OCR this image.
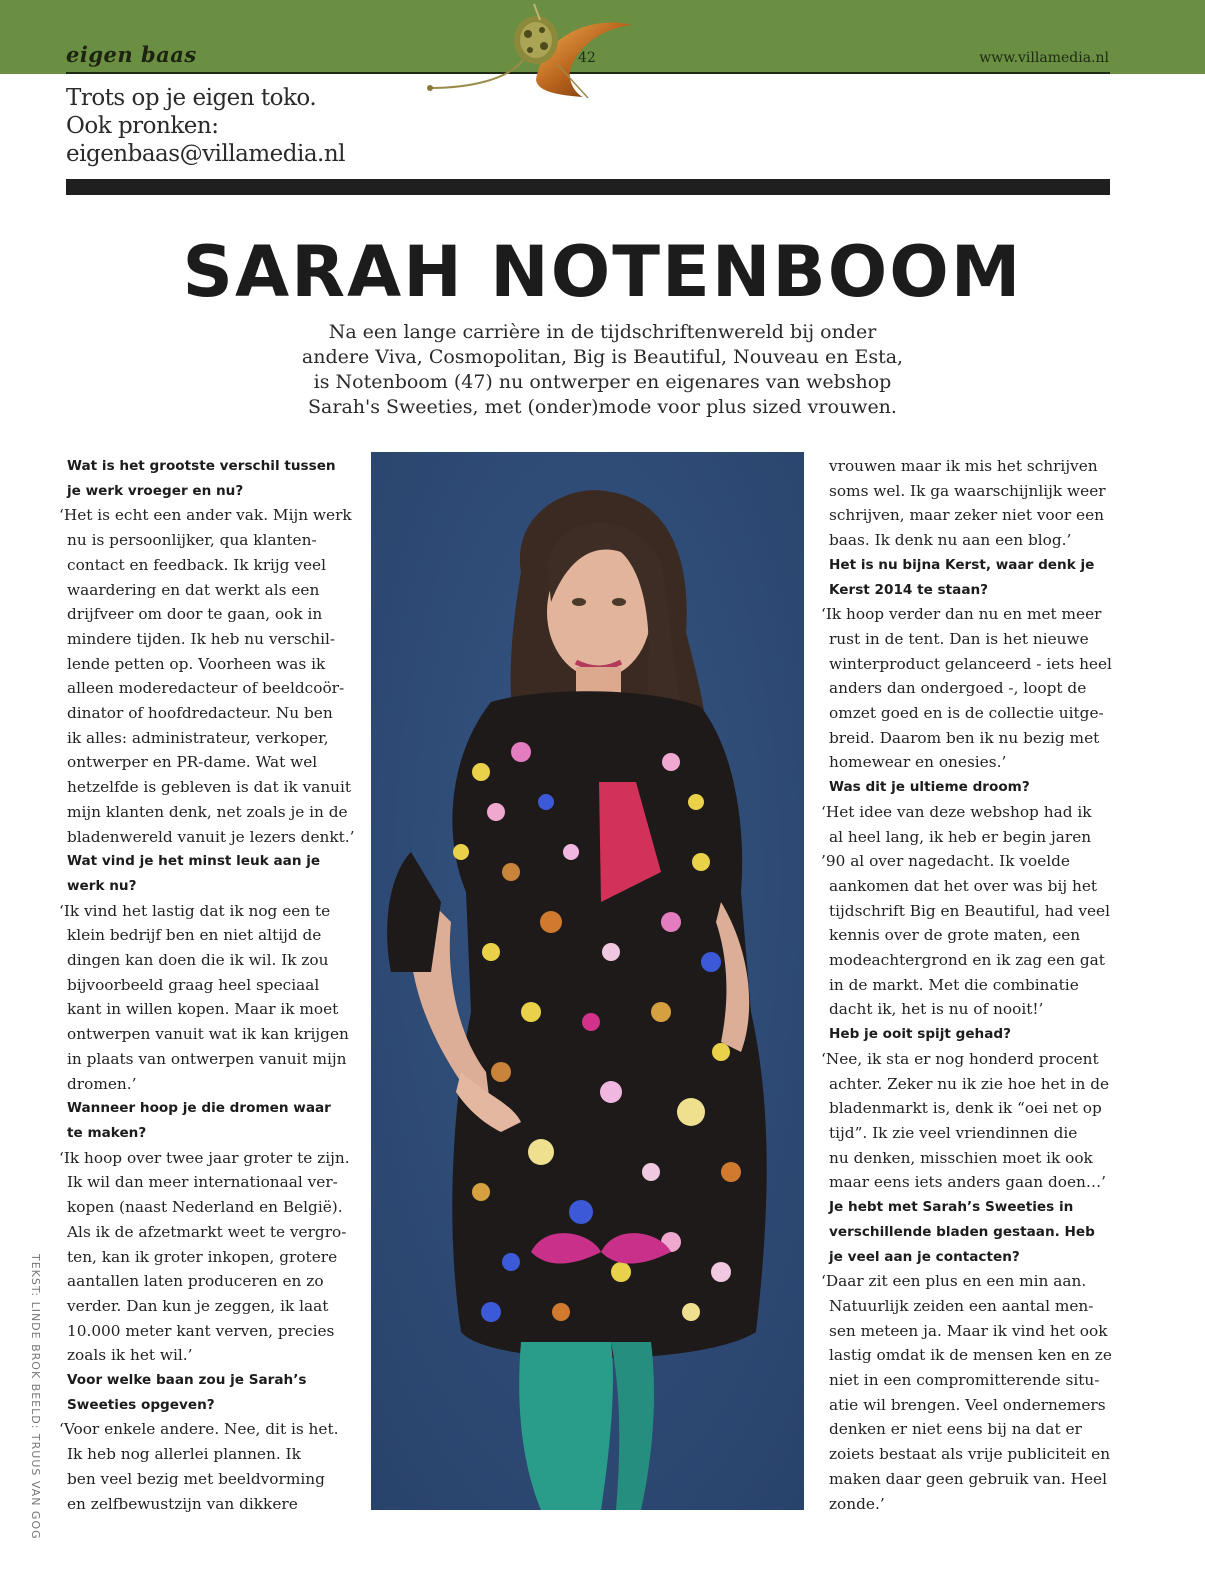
eigen baas	42	www.villamedia.nl
Trots op je eigen toko.
Ook pronken:
eigenbaas@villamedia.nl
SARAH NOTENBOOM
Na een lange carrière in de tijdschriftenwereld bij onder
andere Viva, Cosmopolitan, Big is Beautiful, Nouveau en Esta,
is Notenboom (47) nu ontwerper en eigenares van webshop
Sarah's Sweeties, met (onder)mode voor plus sized vrouwen.
Wat is het grootste verschil tussen
je werk vroeger en nu?
‘Het is echt een ander vak. Mijn werk
nu is persoonlijker, qua klanten-
contact en feedback. Ik krijg veel
waardering en dat werkt als een
drijfveer om door te gaan, ook in
mindere tijden. Ik heb nu verschil-
lende petten op. Voorheen was ik
alleen moderedacteur of beeldcoör-
dinator of hoofdredacteur. Nu ben
ik alles: administrateur, verkoper,
ontwerper en PR-dame. Wat wel
hetzelfde is gebleven is dat ik vanuit
mijn klanten denk, net zoals je in de
bladenwereld vanuit je lezers denkt.’
Wat vind je het minst leuk aan je
werk nu?
‘Ik vind het lastig dat ik nog een te
klein bedrijf ben en niet altijd de
dingen kan doen die ik wil. Ik zou
bijvoorbeeld graag heel speciaal
kant in willen kopen. Maar ik moet
ontwerpen vanuit wat ik kan krijgen
in plaats van ontwerpen vanuit mijn
dromen.’
Wanneer hoop je die dromen waar
te maken?
‘Ik hoop over twee jaar groter te zijn.
Ik wil dan meer internationaal ver-
kopen (naast Nederland en België).
Als ik de afzetmarkt weet te vergro-
ten, kan ik groter inkopen, grotere
aantallen laten produceren en zo
verder. Dan kun je zeggen, ik laat
10.000 meter kant verven, precies
zoals ik het wil.’
Voor welke baan zou je Sarah’s
Sweeties opgeven?
‘Voor enkele andere. Nee, dit is het.
Ik heb nog allerlei plannen. Ik
ben veel bezig met beeldvorming
en zelfbewustzijn van dikkere
vrouwen maar ik mis het schrijven
soms wel. Ik ga waarschijnlijk weer
schrijven, maar zeker niet voor een
baas. Ik denk nu aan een blog.’
Het is nu bijna Kerst, waar denk je
Kerst 2014 te staan?
‘Ik hoop verder dan nu en met meer
rust in de tent. Dan is het nieuwe
winterproduct gelanceerd - iets heel
anders dan ondergoed -, loopt de
omzet goed en is de collectie uitge-
breid. Daarom ben ik nu bezig met
homewear en onesies.’
Was dit je ultieme droom?
‘Het idee van deze webshop had ik
al heel lang, ik heb er begin jaren
’90 al over nagedacht. Ik voelde
aankomen dat het over was bij het
tijdschrift Big en Beautiful, had veel
kennis over de grote maten, een
modeachtergrond en ik zag een gat
in de markt. Met die combinatie
dacht ik, het is nu of nooit!’
Heb je ooit spijt gehad?
‘Nee, ik sta er nog honderd procent
achter. Zeker nu ik zie hoe het in de
bladenmarkt is, denk ik “oei net op
tijd”. Ik zie veel vriendinnen die
nu denken, misschien moet ik ook
maar eens iets anders gaan doen…’
Je hebt met Sarah’s Sweeties in
verschillende bladen gestaan. Heb
je veel aan je contacten?
‘Daar zit een plus en een min aan.
Natuurlijk zeiden een aantal men-
sen meteen ja. Maar ik vind het ook
lastig omdat ik de mensen ken en ze
niet in een compromitterende situ-
atie wil brengen. Veel ondernemers
denken er niet eens bij na dat er
zoiets bestaat als vrije publiciteit en
maken daar geen gebruik van. Heel
zonde.’
TEKST: LINDE BROK BEELD: TRUUS VAN GOG
